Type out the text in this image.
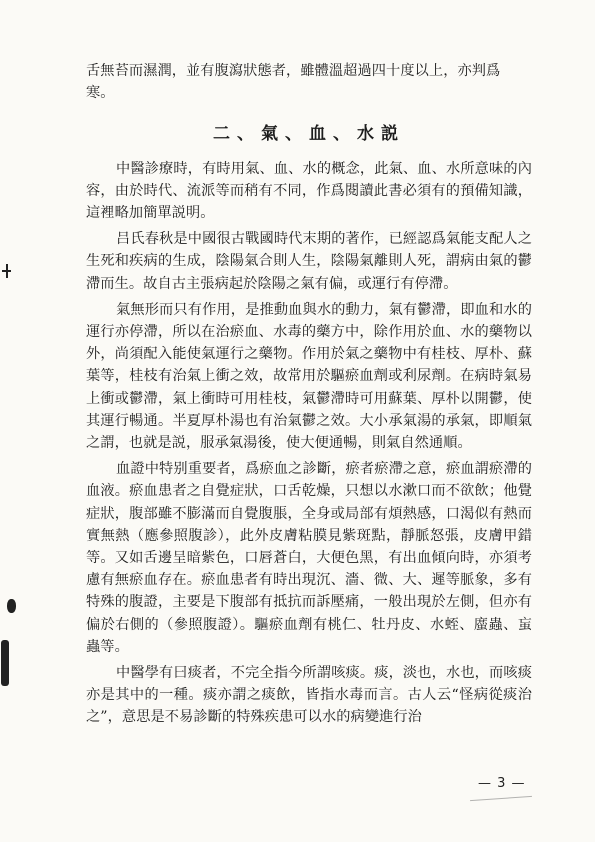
舌無苔而濕潤，並有腹瀉狀態者，雖體溫超過四十度以上，亦判爲
寒。

二、氣、血、水説

中醫診療時，有時用氣、血、水的概念，此氣、血、水所意味的內容，由於時代、流派等而稍有不同，作爲閱讀此書必須有的預備知識，這裡略加簡單説明。

吕氏春秋是中國很古戰國時代末期的著作，已經認爲氣能支配人之生死和疾病的生成，陰陽氣合則人生，陰陽氣離則人死，謂病由氣的鬱滯而生。故自古主張病起於陰陽之氣有偏，或運行有停滯。

氣無形而只有作用，是推動血與水的動力，氣有鬱滯，即血和水的運行亦停滯，所以在治瘀血、水毒的藥方中，除作用於血、水的藥物以外，尚須配入能使氣運行之藥物。作用於氣之藥物中有桂枝、厚朴、蘇葉等，桂枝有治氣上衝之效，故常用於驅瘀血劑或利尿劑。在病時氣易上衝或鬱滯，氣上衝時可用桂枝，氣鬱滯時可用蘇葉、厚朴以開鬱，使其運行暢通。半夏厚朴湯也有治氣鬱之效。大小承氣湯的承氣，即順氣之謂，也就是説，服承氣湯後，使大便通暢，則氣自然通順。

血證中特别重要者，爲瘀血之診斷，瘀者瘀滯之意，瘀血謂瘀滯的血液。瘀血患者之自覺症狀，口舌乾燥，只想以水漱口而不欲飲；他覺症狀，腹部雖不膨滿而自覺腹脹，全身或局部有煩熱感，口渴似有熱而實無熱（應參照腹診），此外皮膚粘膜見紫斑點，靜脈怒張，皮膚甲錯等。又如舌邊呈暗紫色，口唇蒼白，大便色黑，有出血傾向時，亦須考慮有無瘀血存在。瘀血患者有時出現沉、濇、微、大、遲等脈象，多有特殊的腹證，主要是下腹部有抵抗而訴壓痛，一般出現於左側，但亦有偏於右側的（參照腹證）。驅瘀血劑有桃仁、牡丹皮、水蛭、䗪蟲、䖟蟲等。

中醫學有曰痰者，不完全指今所謂咳痰。痰，淡也，水也，而咳痰亦是其中的一種。痰亦謂之痰飲，皆指水毒而言。古人云“怪病從痰治之”，意思是不易診斷的特殊疾患可以水的病變進行治

— 3 —
